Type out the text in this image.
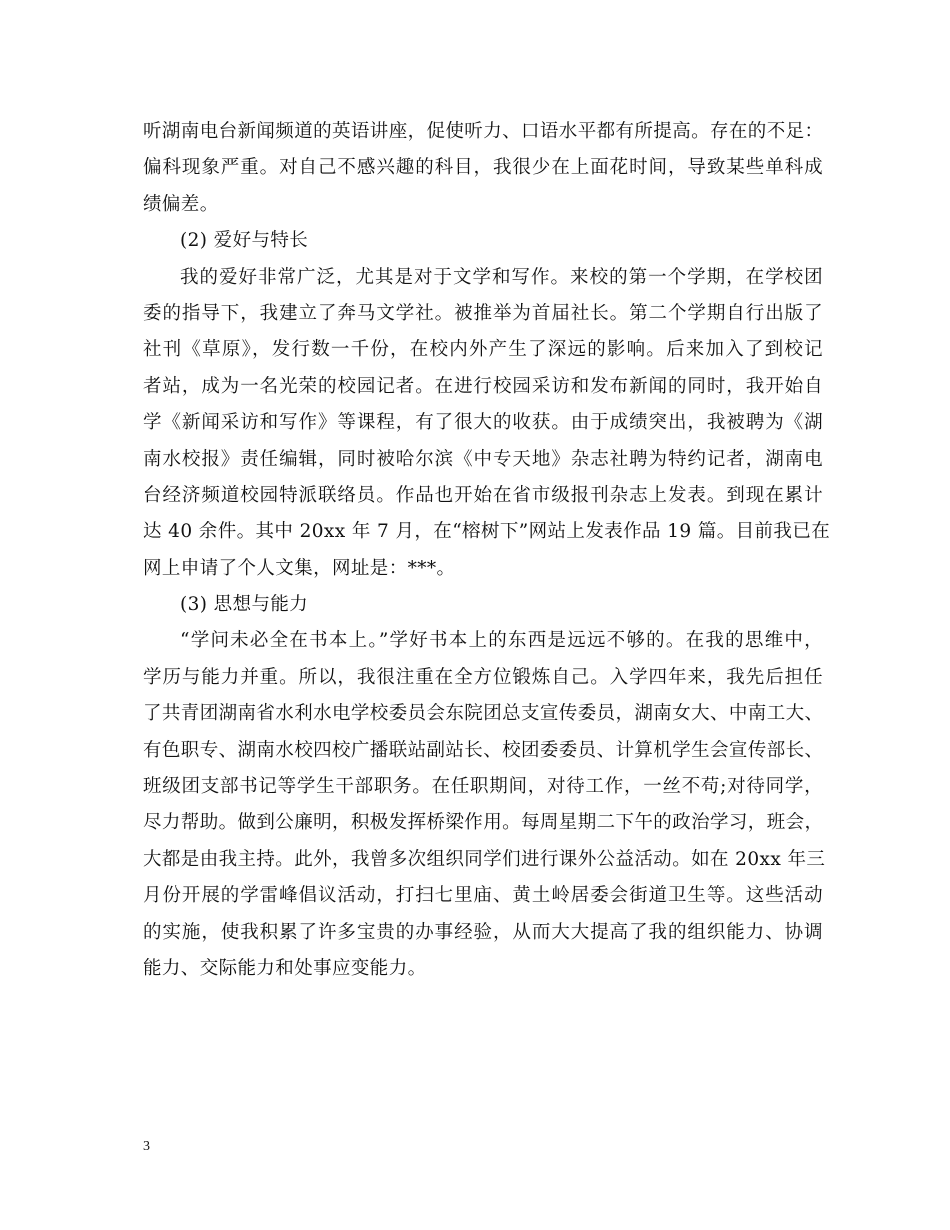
听湖南电台新闻频道的英语讲座，促使听力、口语水平都有所提高。存在的不足：
偏科现象严重。对自己不感兴趣的科目，我很少在上面花时间，导致某些单科成
绩偏差。
(2) 爱好与特长
我的爱好非常广泛，尤其是对于文学和写作。来校的第一个学期，在学校团
委的指导下，我建立了奔马文学社。被推举为首届社长。第二个学期自行出版了
社刊《草原》，发行数一千份，在校内外产生了深远的影响。后来加入了到校记
者站，成为一名光荣的校园记者。在进行校园采访和发布新闻的同时，我开始自
学《新闻采访和写作》等课程，有了很大的收获。由于成绩突出，我被聘为《湖
南水校报》责任编辑，同时被哈尔滨《中专天地》杂志社聘为特约记者，湖南电
台经济频道校园特派联络员。作品也开始在省市级报刊杂志上发表。到现在累计
达 40 余件。其中 20xx 年 7 月，在“榕树下”网站上发表作品 19 篇。目前我已在
网上申请了个人文集，网址是：***。
(3) 思想与能力
“学问未必全在书本上。”学好书本上的东西是远远不够的。在我的思维中，
学历与能力并重。所以，我很注重在全方位锻炼自己。入学四年来，我先后担任
了共青团湖南省水利水电学校委员会东院团总支宣传委员，湖南女大、中南工大、
有色职专、湖南水校四校广播联站副站长、校团委委员、计算机学生会宣传部长、
班级团支部书记等学生干部职务。在任职期间，对待工作，一丝不苟;对待同学，
尽力帮助。做到公廉明，积极发挥桥梁作用。每周星期二下午的政治学习，班会，
大都是由我主持。此外，我曾多次组织同学们进行课外公益活动。如在 20xx 年三
月份开展的学雷峰倡议活动，打扫七里庙、黄土岭居委会街道卫生等。这些活动
的实施，使我积累了许多宝贵的办事经验，从而大大提高了我的组织能力、协调
能力、交际能力和处事应变能力。
3
